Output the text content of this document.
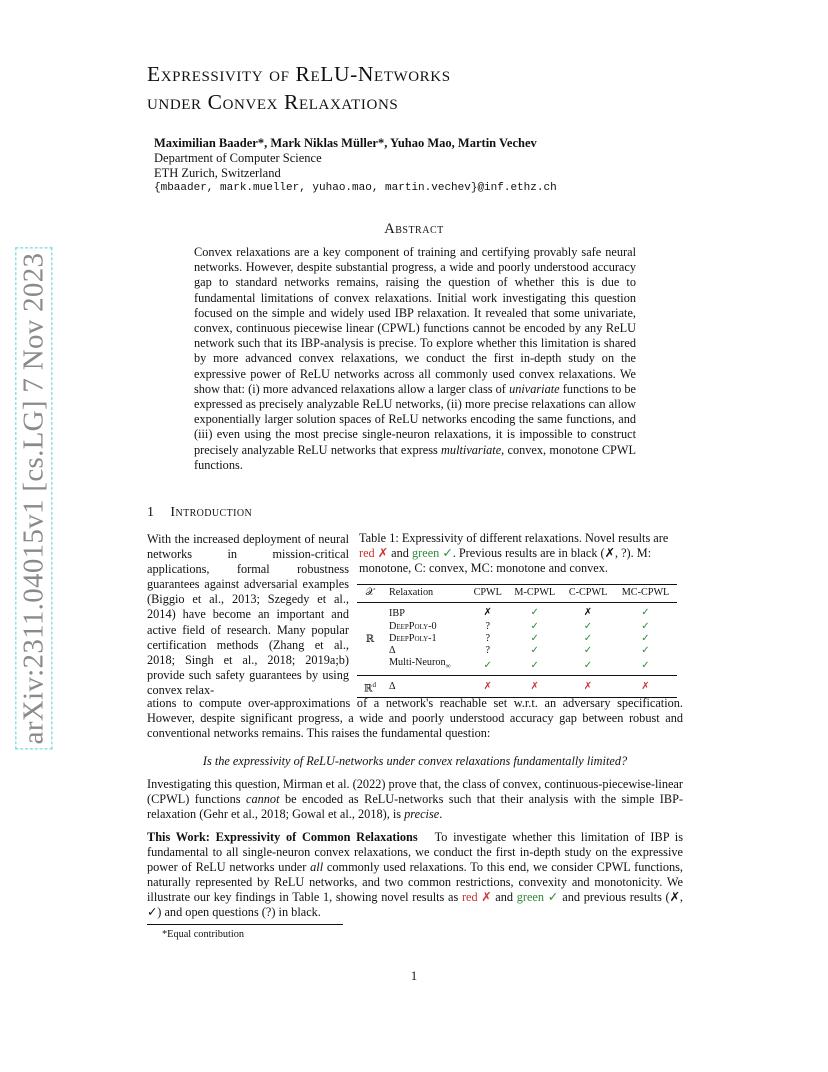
arXiv:2311.04015v1 [cs.LG] 7 Nov 2023
Expressivity of ReLU-Networks
under Convex Relaxations
Maximilian Baader*, Mark Niklas Müller*, Yuhao Mao, Martin Vechev
Department of Computer Science
ETH Zurich, Switzerland
{mbaader, mark.mueller, yuhao.mao, martin.vechev}@inf.ethz.ch
Abstract
Convex relaxations are a key component of training and certifying provably safe neural networks. However, despite substantial progress, a wide and poorly understood accuracy gap to standard networks remains, raising the question of whether this is due to fundamental limitations of convex relaxations. Initial work investigating this question focused on the simple and widely used IBP relaxation. It revealed that some univariate, convex, continuous piecewise linear (CPWL) functions cannot be encoded by any ReLU network such that its IBP-analysis is precise. To explore whether this limitation is shared by more advanced convex relaxations, we conduct the first in-depth study on the expressive power of ReLU networks across all commonly used convex relaxations. We show that: (i) more advanced relaxations allow a larger class of univariate functions to be expressed as precisely analyzable ReLU networks, (ii) more precise relaxations can allow exponentially larger solution spaces of ReLU networks encoding the same functions, and (iii) even using the most precise single-neuron relaxations, it is impossible to construct precisely analyzable ReLU networks that express multivariate, convex, monotone CPWL functions.
1 Introduction
With the increased deployment of neural networks in mission-critical applications, formal robustness guarantees against adversarial examples (Biggio et al., 2013; Szegedy et al., 2014) have become an important and active field of research. Many popular certification methods (Zhang et al., 2018; Singh et al., 2018; 2019a;b) provide such safety guarantees by using convex relax-
Table 1: Expressivity of different relaxations. Novel results are red ✗ and green ✓. Previous results are in black (✗, ?). M: monotone, C: convex, MC: monotone and convex.
𝒳	Relaxation	CPWL	M-CPWL	C-CPWL	MC-CPWL
ℝ	IBP	✗	✓	✗	✓
	DeepPoly-0	?	✓	✓	✓
	DeepPoly-1	?	✓	✓	✓
	Δ	?	✓	✓	✓
	Multi-Neuron$_\infty$	✓	✓	✓	✓
ℝ$^d$	Δ	✗	✗	✗	✗
ations to compute over-approximations of a network's reachable set w.r.t. an adversary specification. However, despite significant progress, a wide and poorly understood accuracy gap between robust and conventional networks remains. This raises the fundamental question:
Is the expressivity of ReLU-networks under convex relaxations fundamentally limited?
Investigating this question, Mirman et al. (2022) prove that, the class of convex, continuous-piecewise-linear (CPWL) functions cannot be encoded as ReLU-networks such that their analysis with the simple IBP-relaxation (Gehr et al., 2018; Gowal et al., 2018), is precise.
This Work: Expressivity of Common Relaxations   To investigate whether this limitation of IBP is fundamental to all single-neuron convex relaxations, we conduct the first in-depth study on the expressive power of ReLU networks under all commonly used relaxations. To this end, we consider CPWL functions, naturally represented by ReLU networks, and two common restrictions, convexity and monotonicity. We illustrate our key findings in Table 1, showing novel results as red ✗ and green ✓ and previous results (✗, ✓) and open questions (?) in black.
*Equal contribution
1
